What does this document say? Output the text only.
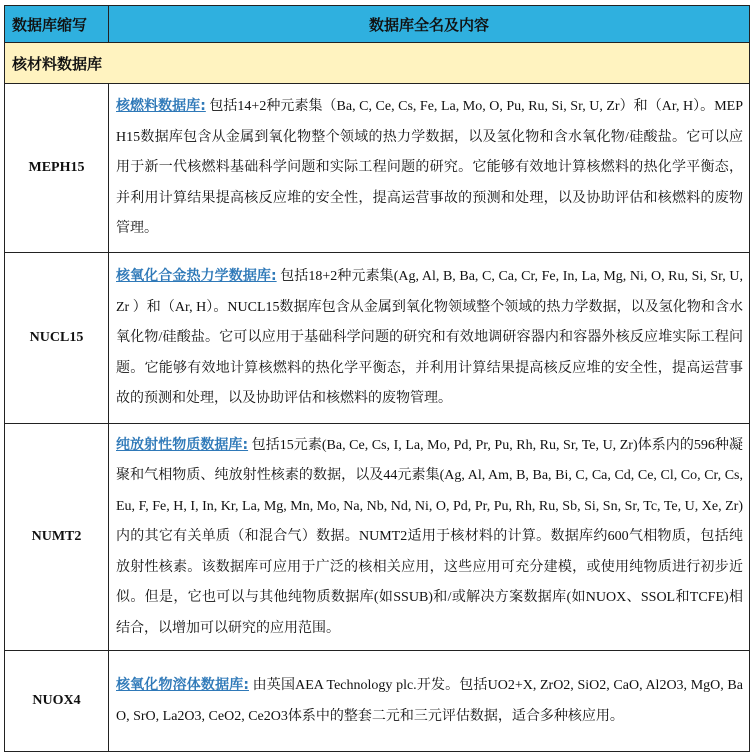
数据库缩写	数据库全名及内容
核材料数据库	
MEPH15	核燃料数据库: 包括14+2种元素集（Ba, C, Ce, Cs, Fe, La, Mo, O, Pu, Ru, Si, Sr, U, Zr）和（Ar, H）。MEPH15数据库包含从金属到氧化物整个领域的热力学数据，以及氢化物和含水氧化物/硅酸盐。它可以应用于新一代核燃料基础科学问题和实际工程问题的研究。它能够有效地计算核燃料的热化学平衡态，并利用计算结果提高核反应堆的安全性，提高运营事故的预测和处理，以及协助评估和核燃料的废物管理。
NUCL15	核氧化合金热力学数据库: 包括18+2种元素集(Ag, Al, B, Ba, C, Ca, Cr, Fe, In, La, Mg, Ni, O, Ru, Si, Sr, U, Zr ）和（Ar, H）。NUCL15数据库包含从金属到氧化物领域整个领域的热力学数据，以及氢化物和含水氧化物/硅酸盐。它可以应用于基础科学问题的研究和有效地调研容器内和容器外核反应堆实际工程问题。它能够有效地计算核燃料的热化学平衡态，并利用计算结果提高核反应堆的安全性，提高运营事故的预测和处理，以及协助评估和核燃料的废物管理。
NUMT2	纯放射性物质数据库: 包括15元素(Ba, Ce, Cs, I, La, Mo, Pd, Pr, Pu, Rh, Ru, Sr, Te, U, Zr)体系内的596种凝聚和气相物质、纯放射性核素的数据，以及44元素集(Ag, Al, Am, B, Ba, Bi, C, Ca, Cd, Ce, Cl, Co, Cr, Cs, Eu, F, Fe, H, I, In, Kr, La, Mg, Mn, Mo, Na, Nb, Nd, Ni, O, Pd, Pr, Pu, Rh, Ru, Sb, Si, Sn, Sr, Tc, Te, U, Xe, Zr)内的其它有关单质（和混合气）数据。NUMT2适用于核材料的计算。数据库约600气相物质，包括纯放射性核素。该数据库可应用于广泛的核相关应用，这些应用可充分建模，或使用纯物质进行初步近似。但是，它也可以与其他纯物质数据库(如SSUB)和/或解决方案数据库(如NUOX、SSOL和TCFE)相结合，以增加可以研究的应用范围。
NUOX4	核氧化物溶体数据库: 由英国AEA Technology plc.开发。包括UO2+X, ZrO2, SiO2, CaO, Al2O3, MgO, BaO, SrO, La2O3, CeO2, Ce2O3体系中的整套二元和三元评估数据，适合多种核应用。
